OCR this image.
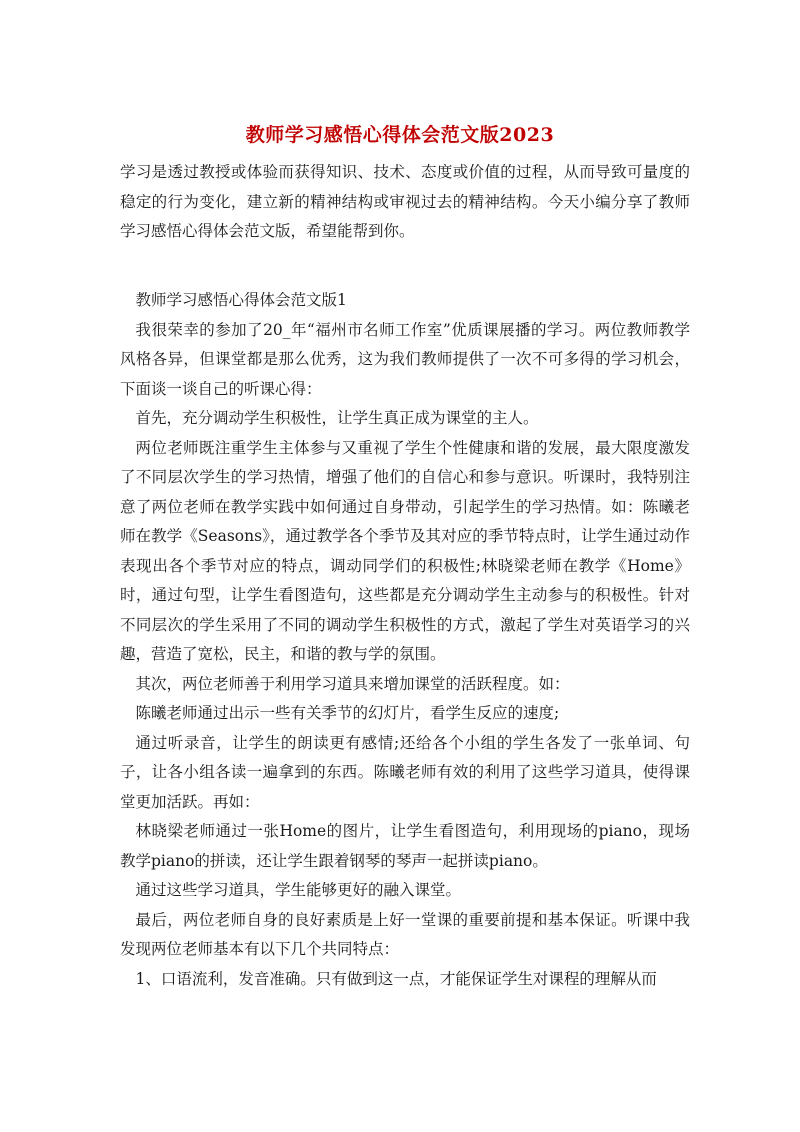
教师学习感悟心得体会范文版2023

学习是透过教授或体验而获得知识、技术、态度或价值的过程，从而导致可量度的稳定的行为变化，建立新的精神结构或审视过去的精神结构。今天小编分享了教师学习感悟心得体会范文版，希望能帮到你。

教师学习感悟心得体会范文版1

我很荣幸的参加了20_年“福州市名师工作室”优质课展播的学习。两位教师教学风格各异，但课堂都是那么优秀，这为我们教师提供了一次不可多得的学习机会，下面谈一谈自己的听课心得：

首先，充分调动学生积极性，让学生真正成为课堂的主人。

两位老师既注重学生主体参与又重视了学生个性健康和谐的发展，最大限度激发了不同层次学生的学习热情，增强了他们的自信心和参与意识。听课时，我特别注意了两位老师在教学实践中如何通过自身带动，引起学生的学习热情。如：陈曦老师在教学《Seasons》，通过教学各个季节及其对应的季节特点时，让学生通过动作表现出各个季节对应的特点，调动同学们的积极性;林晓梁老师在教学《Home》时，通过句型，让学生看图造句，这些都是充分调动学生主动参与的积极性。针对不同层次的学生采用了不同的调动学生积极性的方式，激起了学生对英语学习的兴趣，营造了宽松，民主，和谐的教与学的氛围。

其次，两位老师善于利用学习道具来增加课堂的活跃程度。如：

陈曦老师通过出示一些有关季节的幻灯片，看学生反应的速度;

通过听录音，让学生的朗读更有感情;还给各个小组的学生各发了一张单词、句子，让各小组各读一遍拿到的东西。陈曦老师有效的利用了这些学习道具，使得课堂更加活跃。再如：

林晓梁老师通过一张Home的图片，让学生看图造句，利用现场的piano，现场教学piano的拼读，还让学生跟着钢琴的琴声一起拼读piano。

通过这些学习道具，学生能够更好的融入课堂。

最后，两位老师自身的良好素质是上好一堂课的重要前提和基本保证。听课中我发现两位老师基本有以下几个共同特点：

1、口语流利，发音准确。只有做到这一点，才能保证学生对课程的理解从而
